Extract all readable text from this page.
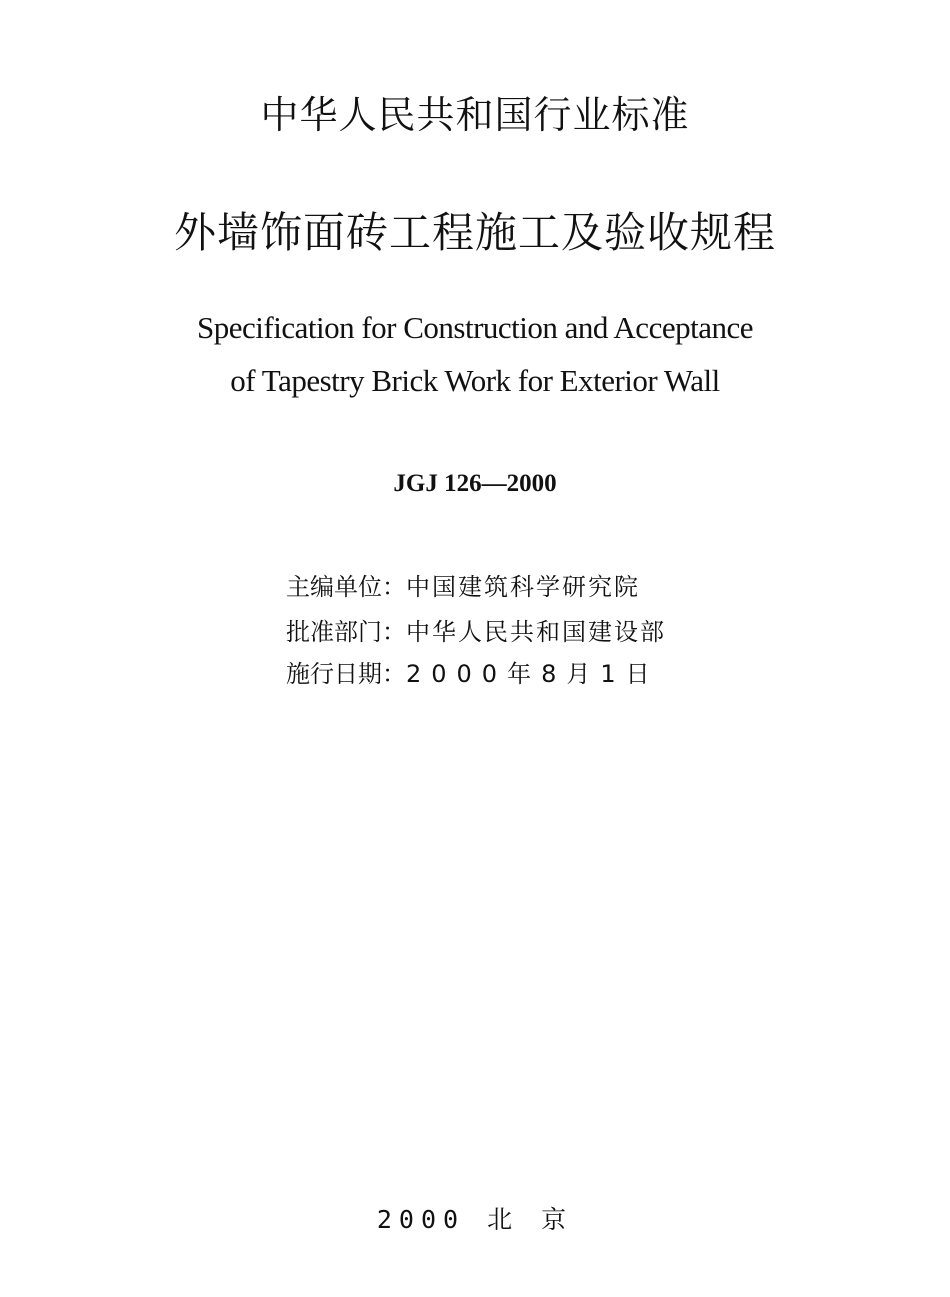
中华人民共和国行业标准
外墙饰面砖工程施工及验收规程
Specification for Construction and Acceptance
of Tapestry Brick Work for Exterior Wall
JGJ 126—2000
主编单位：中国建筑科学研究院
批准部门：中华人民共和国建设部
施行日期：2000年8月1日
2000 北 京
